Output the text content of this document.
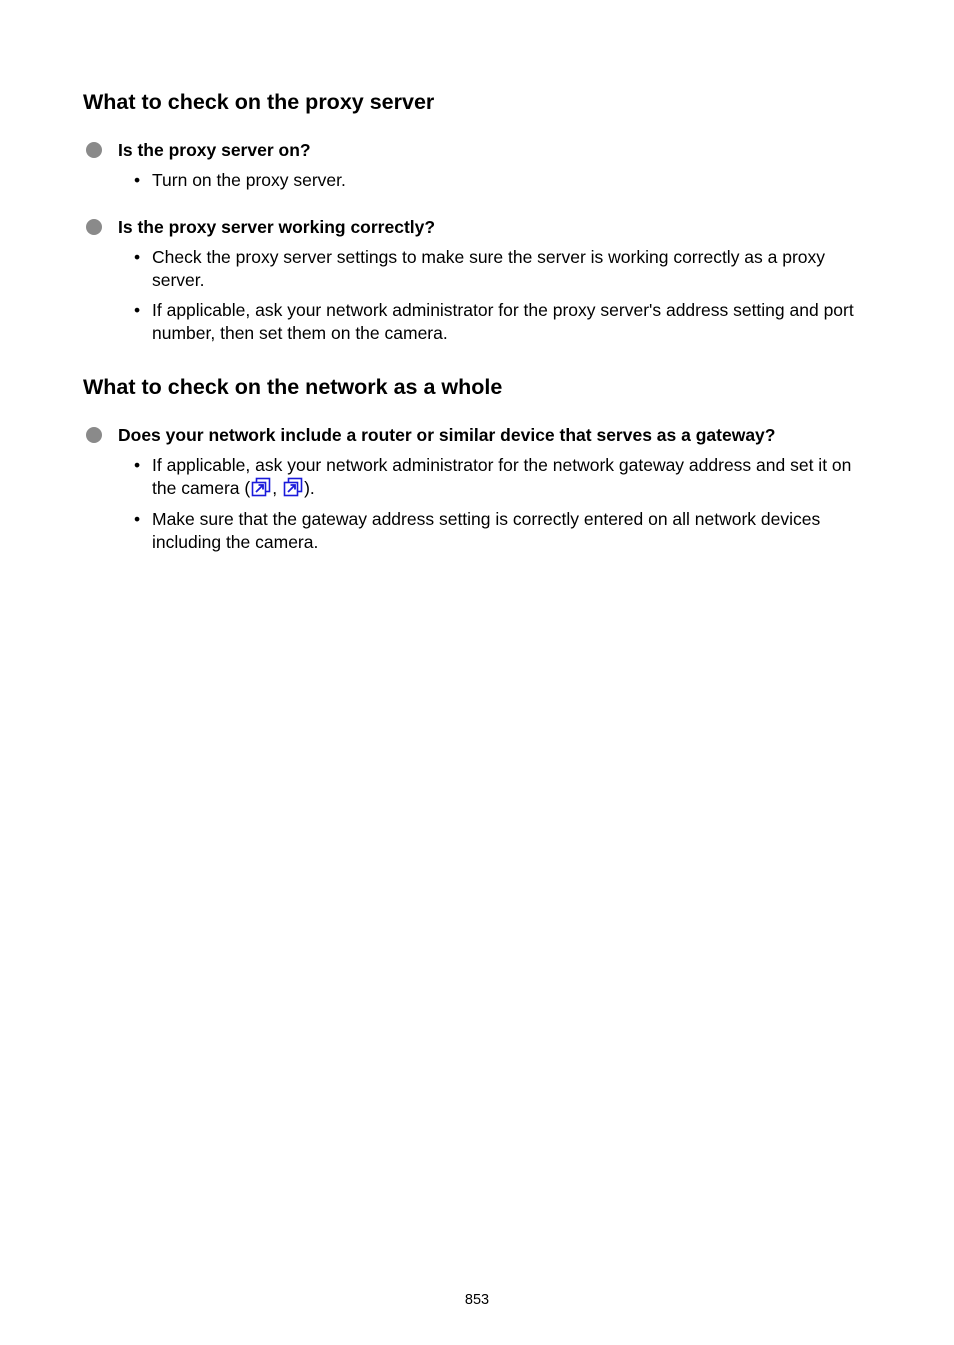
What to check on the proxy server
Is the proxy server on?
• Turn on the proxy server.
Is the proxy server working correctly?
• Check the proxy server settings to make sure the server is working correctly as a proxy server.
• If applicable, ask your network administrator for the proxy server's address setting and port number, then set them on the camera.
What to check on the network as a whole
Does your network include a router or similar device that serves as a gateway?
• If applicable, ask your network administrator for the network gateway address and set it on the camera ( , ).
• Make sure that the gateway address setting is correctly entered on all network devices including the camera.
853
